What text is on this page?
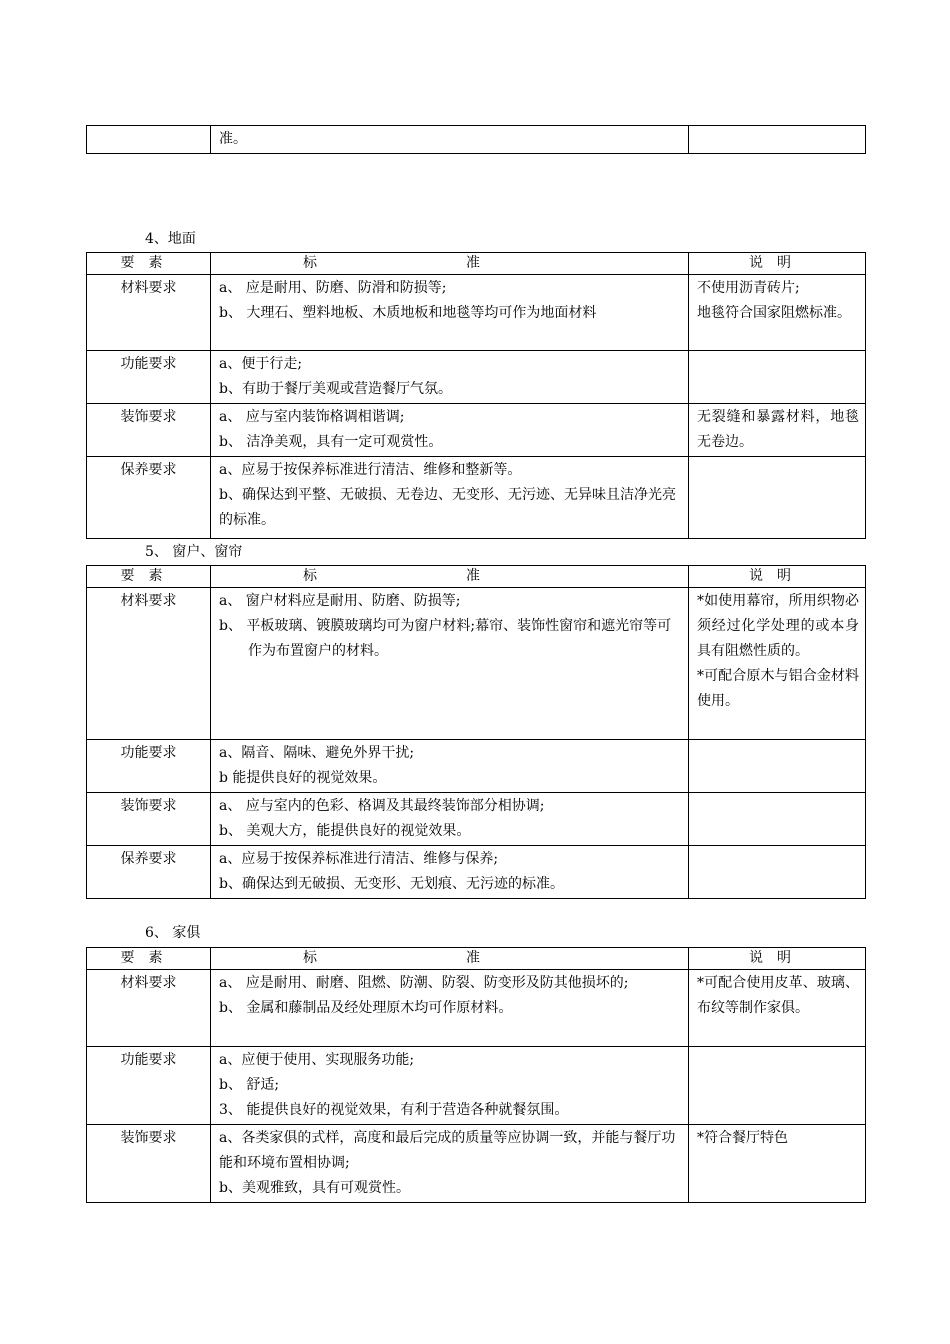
	准。	
4、地面
要素	标 准	说明
材料要求	a、 应是耐用、防磨、防滑和防损等;
b、 大理石、塑料地板、木质地板和地毯等均可作为地面材料	不使用沥青砖片;
地毯符合国家阻燃标准。

功能要求	a、便于行走;
b、有助于餐厅美观或营造餐厅气氛。	

装饰要求	a、 应与室内装饰格调相谐调;
b、 洁净美观，具有一定可观赏性。	无裂缝和暴露材料，地毯无卷边。

保养要求	a、应易于按保养标准进行清洁、维修和整新等。
b、确保达到平整、无破损、无卷边、无变形、无污迹、无异味且洁净光亮的标准。	

5、 窗户、窗帘
要素	标 准	说明
材料要求	a、 窗户材料应是耐用、防磨、防损等;
b、 平板玻璃、镀膜玻璃均可为窗户材料;幕帘、装饰性窗帘和遮光帘等可作为布置窗户的材料。	*如使用幕帘，所用织物必须经过化学处理的或本身具有阻燃性质的。
*可配合原木与铝合金材料使用。

功能要求	a、隔音、隔味、避免外界干扰;
b 能提供良好的视觉效果。	

装饰要求	a、 应与室内的色彩、格调及其最终装饰部分相协调;
b、 美观大方，能提供良好的视觉效果。	

保养要求	a、应易于按保养标准进行清洁、维修与保养;
b、确保达到无破损、无变形、无划痕、无污迹的标准。	

6、 家俱
要素	标 准	说明
材料要求	a、 应是耐用、耐磨、阻燃、防潮、防裂、防变形及防其他损坏的;
b、 金属和藤制品及经处理原木均可作原材料。	*可配合使用皮革、玻璃、布纹等制作家俱。

功能要求	a、应便于使用、实现服务功能;
b、 舒适;
3、 能提供良好的视觉效果，有利于营造各种就餐氛围。	

装饰要求	a、各类家俱的式样，高度和最后完成的质量等应协调一致，并能与餐厅功能和环境布置相协调;
b、美观雅致，具有可观赏性。	*符合餐厅特色
